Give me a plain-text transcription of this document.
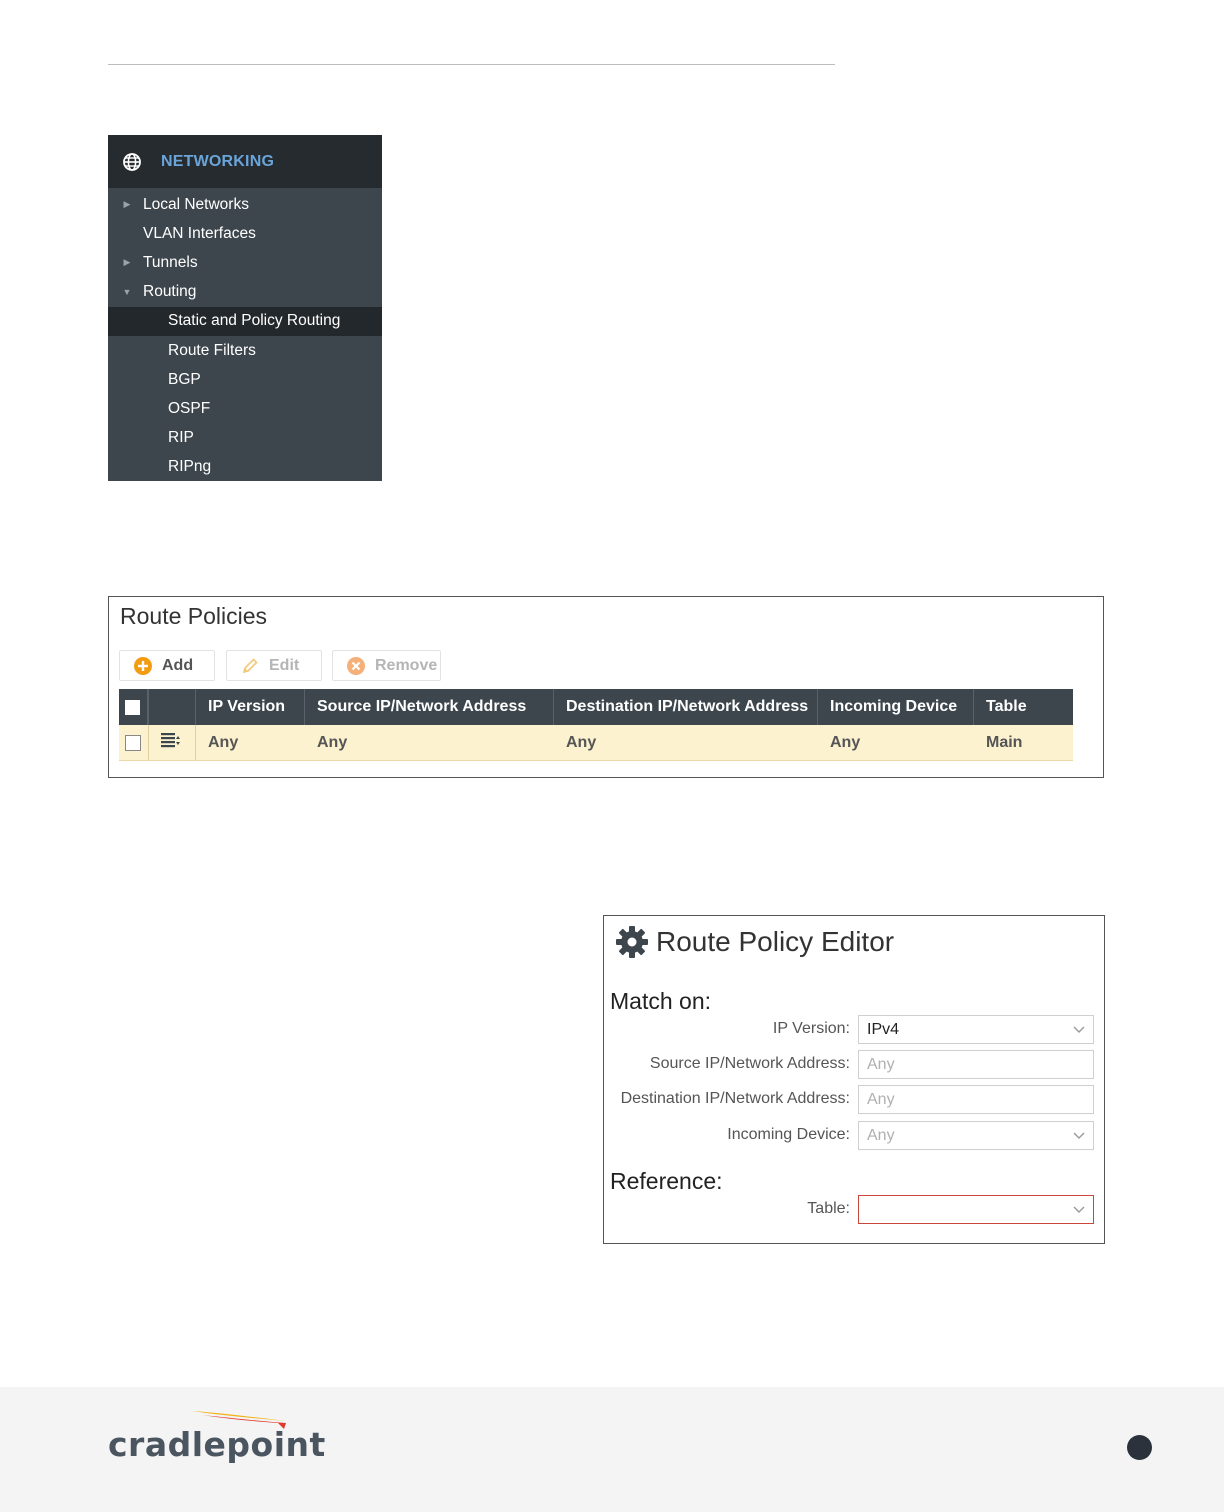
NETWORKING
▶ Local Networks
VLAN Interfaces
▶ Tunnels
▼ Routing
Static and Policy Routing
Route Filters
BGP
OSPF
RIP
RIPng
Route Policies
Add	Edit	Remove
IP Version	Source IP/Network Address	Destination IP/Network Address	Incoming Device	Table
Any	Any	Any	Any	Main
Route Policy Editor
Match on:
IP Version: IPv4
Source IP/Network Address: Any
Destination IP/Network Address: Any
Incoming Device: Any
Reference:
Table:
cradlepoint
